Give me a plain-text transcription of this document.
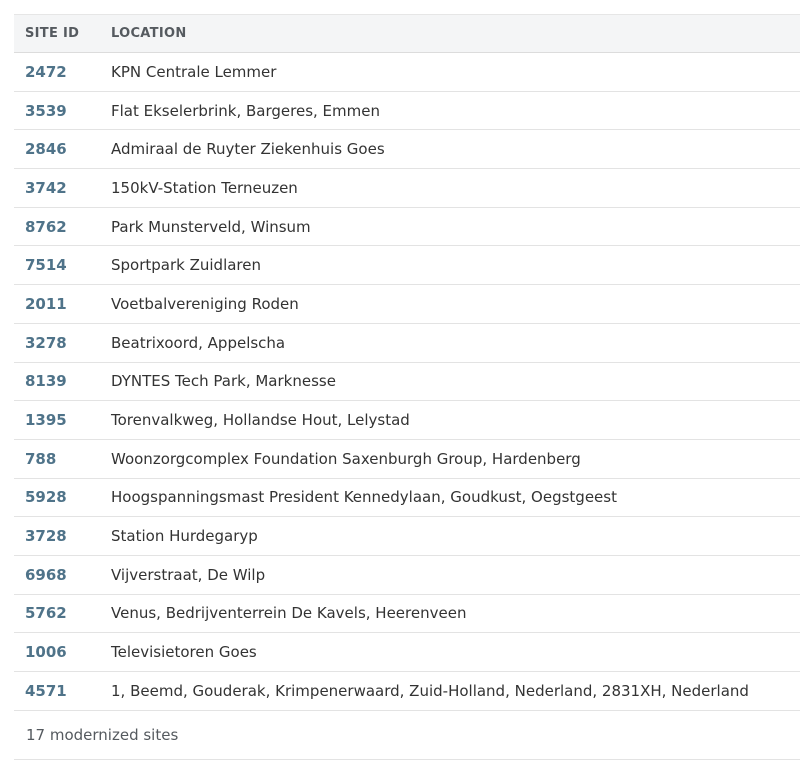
SITE ID	LOCATION
2472	KPN Centrale Lemmer
3539	Flat Ekselerbrink, Bargeres, Emmen
2846	Admiraal de Ruyter Ziekenhuis Goes
3742	150kV-Station Terneuzen
8762	Park Munsterveld, Winsum
7514	Sportpark Zuidlaren
2011	Voetbalvereniging Roden
3278	Beatrixoord, Appelscha
8139	DYNTES Tech Park, Marknesse
1395	Torenvalkweg, Hollandse Hout, Lelystad
788	Woonzorgcomplex Foundation Saxenburgh Group, Hardenberg
5928	Hoogspanningsmast President Kennedylaan, Goudkust, Oegstgeest
3728	Station Hurdegaryp
6968	Vijverstraat, De Wilp
5762	Venus, Bedrijventerrein De Kavels, Heerenveen
1006	Televisietoren Goes
4571	1, Beemd, Gouderak, Krimpenerwaard, Zuid-Holland, Nederland, 2831XH, Nederland
17 modernized sites
